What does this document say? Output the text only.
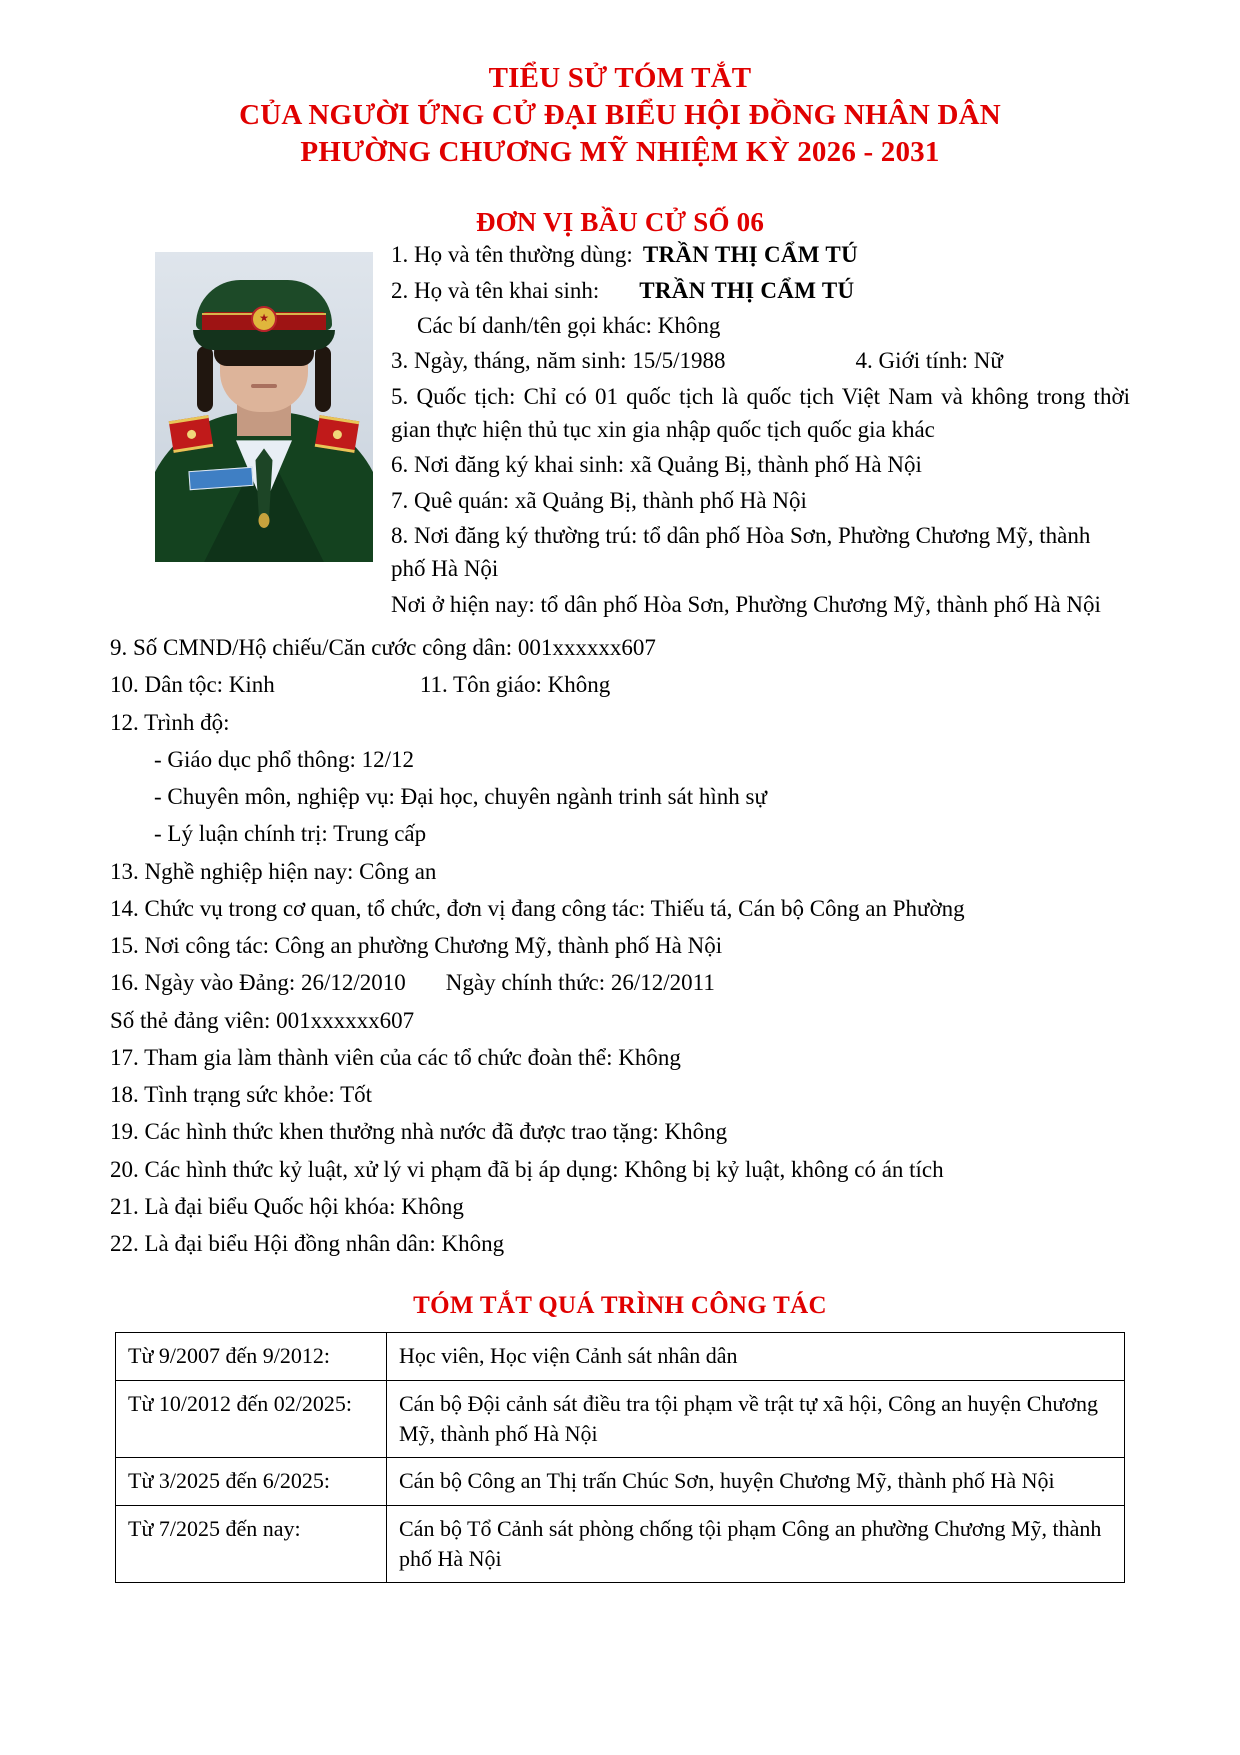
TIỂU SỬ TÓM TẮT
CỦA NGƯỜI ỨNG CỬ ĐẠI BIỂU HỘI ĐỒNG NHÂN DÂN
PHƯỜNG CHƯƠNG MỸ NHIỆM KỲ 2026 - 2031
ĐƠN VỊ BẦU CỬ SỐ 06
★
1. Họ và tên thường dùng: TRẦN THỊ CẨM TÚ
2. Họ và tên khai sinh: TRẦN THỊ CẨM TÚ
Các bí danh/tên gọi khác: Không
3. Ngày, tháng, năm sinh: 15/5/1988	4. Giới tính: Nữ
5. Quốc tịch: Chỉ có 01 quốc tịch là quốc tịch Việt Nam và không trong thời gian thực hiện thủ tục xin gia nhập quốc tịch quốc gia khác
6. Nơi đăng ký khai sinh: xã Quảng Bị, thành phố Hà Nội
7. Quê quán: xã Quảng Bị, thành phố Hà Nội
8. Nơi đăng ký thường trú: tổ dân phố Hòa Sơn, Phường Chương Mỹ, thành phố Hà Nội
Nơi ở hiện nay: tổ dân phố Hòa Sơn, Phường Chương Mỹ, thành phố Hà Nội
9. Số CMND/Hộ chiếu/Căn cước công dân: 001xxxxxx607
10. Dân tộc: Kinh	11. Tôn giáo: Không
12. Trình độ:
- Giáo dục phổ thông: 12/12
- Chuyên môn, nghiệp vụ: Đại học, chuyên ngành trinh sát hình sự
- Lý luận chính trị: Trung cấp
13. Nghề nghiệp hiện nay: Công an
14. Chức vụ trong cơ quan, tổ chức, đơn vị đang công tác: Thiếu tá, Cán bộ Công an Phường
15. Nơi công tác: Công an phường Chương Mỹ, thành phố Hà Nội
16. Ngày vào Đảng: 26/12/2010 Ngày chính thức: 26/12/2011
Số thẻ đảng viên: 001xxxxxx607
17. Tham gia làm thành viên của các tổ chức đoàn thể: Không
18. Tình trạng sức khỏe: Tốt
19. Các hình thức khen thưởng nhà nước đã được trao tặng: Không
20. Các hình thức kỷ luật, xử lý vi phạm đã bị áp dụng: Không bị kỷ luật, không có án tích
21. Là đại biểu Quốc hội khóa: Không
22. Là đại biểu Hội đồng nhân dân: Không
TÓM TẮT QUÁ TRÌNH CÔNG TÁC
Từ 9/2007 đến 9/2012:	Học viên, Học viện Cảnh sát nhân dân
Từ 10/2012 đến 02/2025:	Cán bộ Đội cảnh sát điều tra tội phạm về trật tự xã hội, Công an huyện Chương Mỹ, thành phố Hà Nội
Từ 3/2025 đến 6/2025:	Cán bộ Công an Thị trấn Chúc Sơn, huyện Chương Mỹ, thành phố Hà Nội
Từ 7/2025 đến nay:	Cán bộ Tổ Cảnh sát phòng chống tội phạm Công an phường Chương Mỹ, thành phố Hà Nội
